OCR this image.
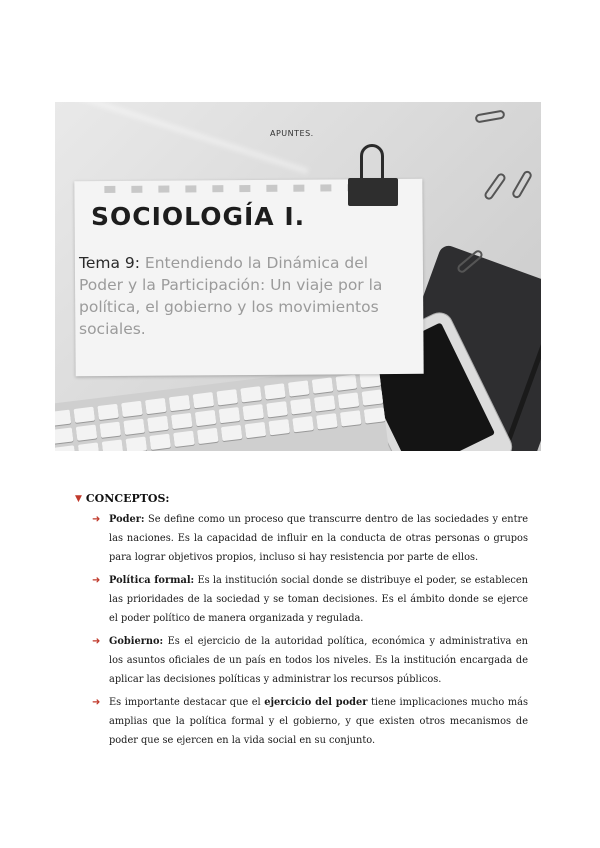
APUNTES.
SOCIOLOGÍA I.
Tema 9: Entendiendo la Dinámica del Poder y la Participación: Un viaje por la política, el gobierno y los movimientos sociales.
▼ CONCEPTOS:
➜ Poder: Se define como un proceso que transcurre dentro de las sociedades y entre las naciones. Es la capacidad de influir en la conducta de otras personas o grupos para lograr objetivos propios, incluso si hay resistencia por parte de ellos.
➜ Política formal: Es la institución social donde se distribuye el poder, se establecen las prioridades de la sociedad y se toman decisiones. Es el ámbito donde se ejerce el poder político de manera organizada y regulada.
➜ Gobierno: Es el ejercicio de la autoridad política, económica y administrativa en los asuntos oficiales de un país en todos los niveles. Es la institución encargada de aplicar las decisiones políticas y administrar los recursos públicos.
➜ Es importante destacar que el ejercicio del poder tiene implicaciones mucho más amplias que la política formal y el gobierno, y que existen otros mecanismos de poder que se ejercen en la vida social en su conjunto.
